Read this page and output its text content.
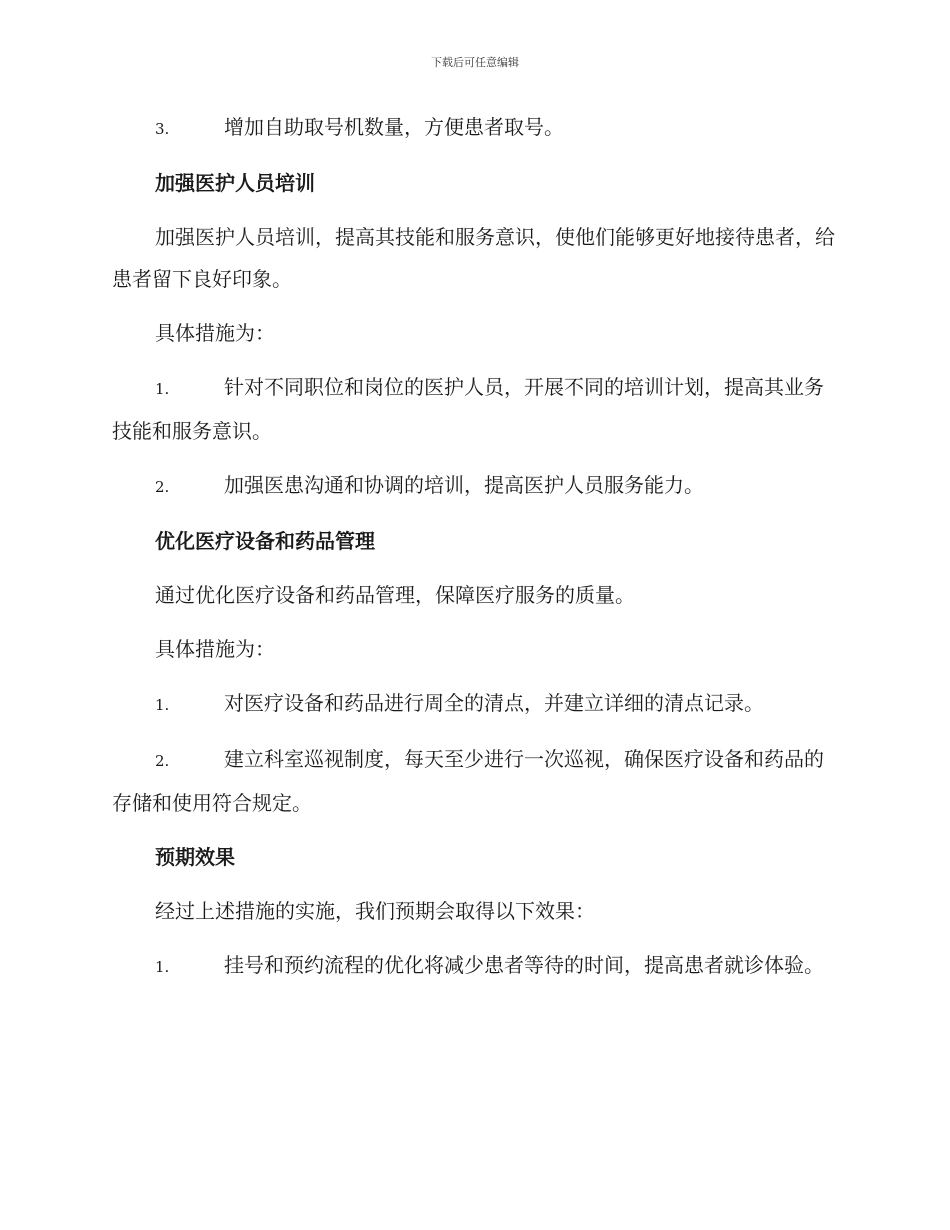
下载后可任意编辑

3.	增加自助取号机数量，方便患者取号。

加强医护人员培训

加强医护人员培训，提高其技能和服务意识，使他们能够更好地接待患者，给患者留下良好印象。

具体措施为：

1.	针对不同职位和岗位的医护人员，开展不同的培训计划，提高其业务技能和服务意识。

2.	加强医患沟通和协调的培训，提高医护人员服务能力。

优化医疗设备和药品管理

通过优化医疗设备和药品管理，保障医疗服务的质量。

具体措施为：

1.	对医疗设备和药品进行周全的清点，并建立详细的清点记录。

2.	建立科室巡视制度，每天至少进行一次巡视，确保医疗设备和药品的存储和使用符合规定。

预期效果

经过上述措施的实施，我们预期会取得以下效果：

1.	挂号和预约流程的优化将减少患者等待的时间，提高患者就诊体验。
